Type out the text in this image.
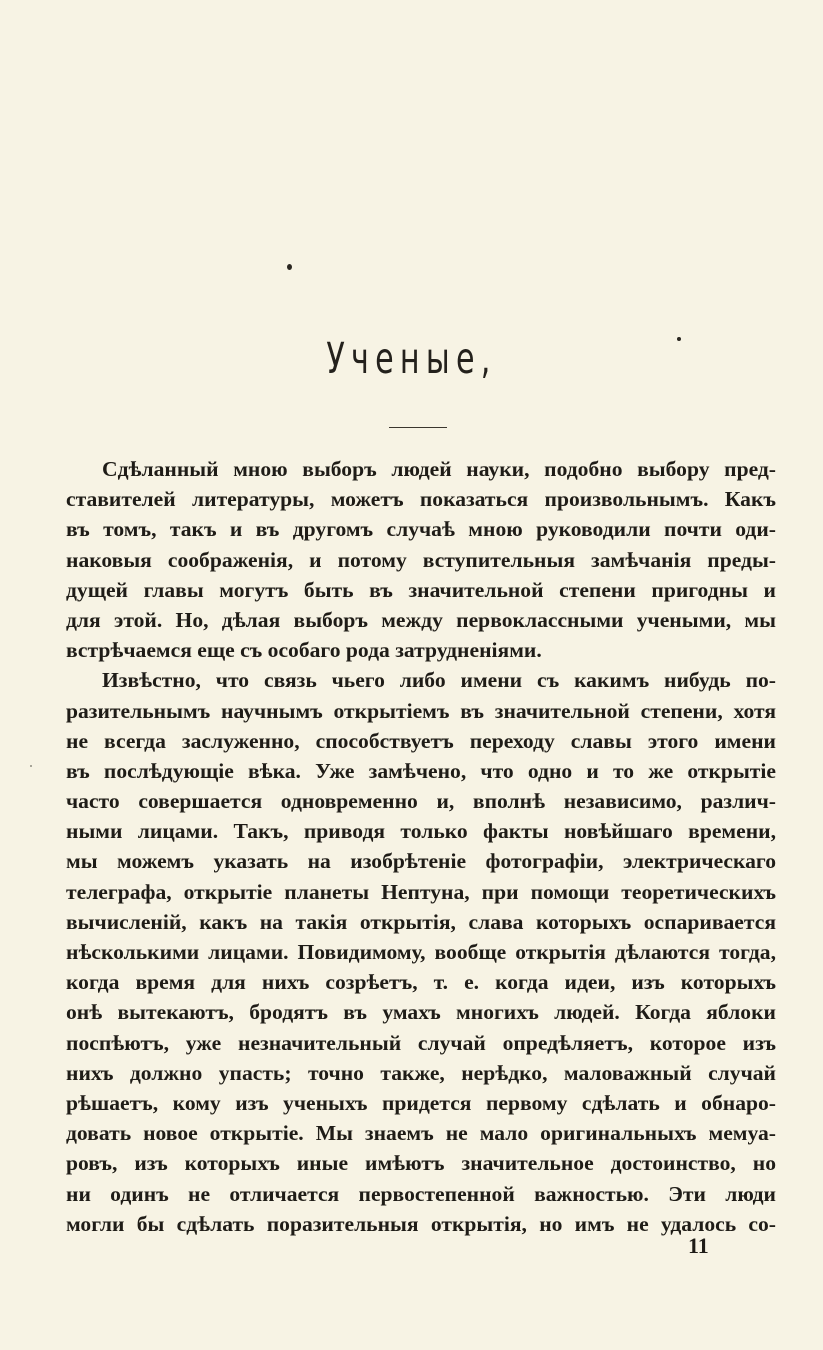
Ученые,
Сдѣланный мною выборъ людей науки, подобно выбору пред-
ставителей литературы, можетъ показаться произвольнымъ. Какъ
въ томъ, такъ и въ другомъ случаѣ мною руководили почти оди-
наковыя соображенія, и потому вступительныя замѣчанія преды-
дущей главы могутъ быть въ значительной степени пригодны и
для этой. Но, дѣлая выборъ между первоклассными учеными, мы
встрѣчаемся еще съ особаго рода затрудненіями.
Извѣстно, что связь чьего либо имени съ какимъ нибудь по-
разительнымъ научнымъ открытіемъ въ значительной степени, хотя
не всегда заслуженно, способствуетъ переходу славы этого имени
въ послѣдующіе вѣка. Уже замѣчено, что одно и то же открытіе
часто совершается одновременно и, вполнѣ независимо, различ-
ными лицами. Такъ, приводя только факты новѣйшаго времени,
мы можемъ указать на изобрѣтеніе фотографіи, электрическаго
телеграфа, открытіе планеты Нептуна, при помощи теоретическихъ
вычисленій, какъ на такія открытія, слава которыхъ оспаривается
нѣсколькими лицами. Повидимому, вообще открытія дѣлаются тогда,
когда время для нихъ созрѣетъ, т. е. когда идеи, изъ которыхъ
онѣ вытекаютъ, бродятъ въ умахъ многихъ людей. Когда яблоки
поспѣютъ, уже незначительный случай опредѣляетъ, которое изъ
нихъ должно упасть; точно также, нерѣдко, маловажный случай
рѣшаетъ, кому изъ ученыхъ придется первому сдѣлать и обнаро-
довать новое открытіе. Мы знаемъ не мало оригинальныхъ мемуа-
ровъ, изъ которыхъ иные имѣютъ значительное достоинство, но
ни одинъ не отличается первостепенной важностью. Эти люди
могли бы сдѣлать поразительныя открытія, но имъ не удалось со-
11
